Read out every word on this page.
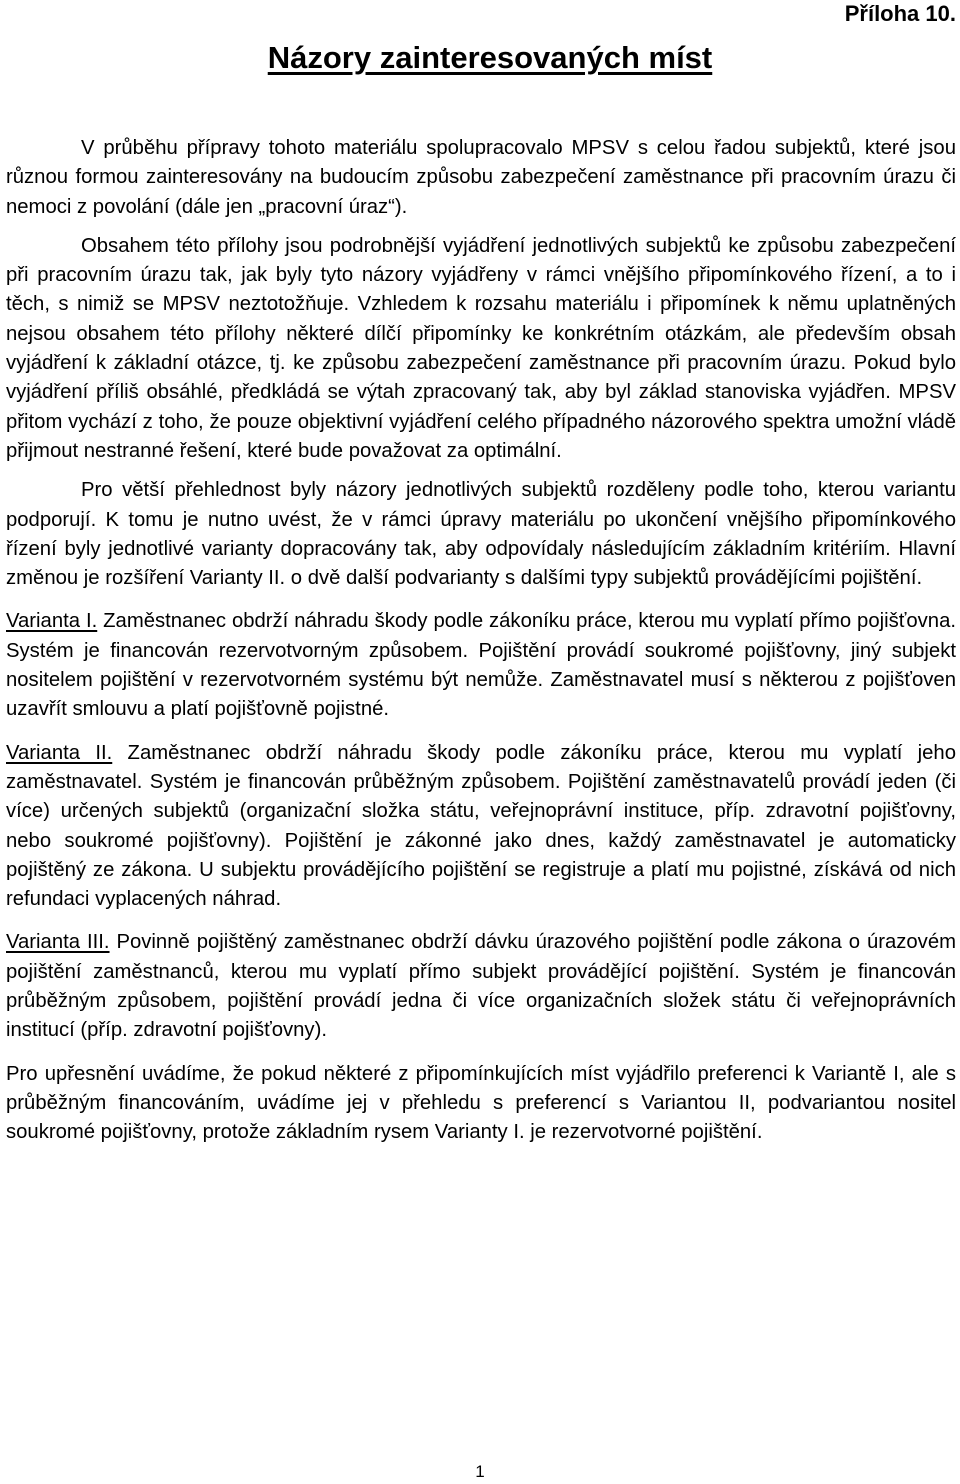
Příloha 10.
Názory zainteresovaných míst

V průběhu přípravy tohoto materiálu spolupracovalo MPSV s celou řadou subjektů, které jsou různou formou zainteresovány na budoucím způsobu zabezpečení zaměstnance při pracovním úrazu či nemoci z povolání (dále jen „pracovní úraz“).

Obsahem této přílohy jsou podrobnější vyjádření jednotlivých subjektů ke způsobu zabezpečení při pracovním úrazu tak, jak byly tyto názory vyjádřeny v rámci vnějšího připomínkového řízení, a to i těch, s nimiž se MPSV neztotožňuje. Vzhledem k rozsahu materiálu i připomínek k němu uplatněných nejsou obsahem této přílohy některé dílčí připomínky ke konkrétním otázkám, ale především obsah vyjádření k základní otázce, tj. ke způsobu zabezpečení zaměstnance při pracovním úrazu. Pokud bylo vyjádření příliš obsáhlé, předkládá se výtah zpracovaný tak, aby byl základ stanoviska vyjádřen. MPSV přitom vychází z toho, že pouze objektivní vyjádření celého případného názorového spektra umožní vládě přijmout nestranné řešení, které bude považovat za optimální.

Pro větší přehlednost byly názory jednotlivých subjektů rozděleny podle toho, kterou variantu podporují. K tomu je nutno uvést, že v rámci úpravy materiálu po ukončení vnějšího připomínkového řízení byly jednotlivé varianty dopracovány tak, aby odpovídaly následujícím základním kritériím. Hlavní změnou je rozšíření Varianty II. o dvě další podvarianty s dalšími typy subjektů provádějícími pojištění.

Varianta I. Zaměstnanec obdrží náhradu škody podle zákoníku práce, kterou mu vyplatí přímo pojišťovna. Systém je financován rezervotvorným způsobem. Pojištění provádí soukromé pojišťovny, jiný subjekt nositelem pojištění v rezervotvorném systému být nemůže. Zaměstnavatel musí s některou z pojišťoven uzavřít smlouvu a platí pojišťovně pojistné.

Varianta II. Zaměstnanec obdrží náhradu škody podle zákoníku práce, kterou mu vyplatí jeho zaměstnavatel. Systém je financován průběžným způsobem. Pojištění zaměstnavatelů provádí jeden (či více) určených subjektů (organizační složka státu, veřejnoprávní instituce, příp. zdravotní pojišťovny, nebo soukromé pojišťovny). Pojištění je zákonné jako dnes, každý zaměstnavatel je automaticky pojištěný ze zákona. U subjektu provádějícího pojištění se registruje a platí mu pojistné, získává od nich refundaci vyplacených náhrad.

Varianta III. Povinně pojištěný zaměstnanec obdrží dávku úrazového pojištění podle zákona o úrazovém pojištění zaměstnanců, kterou mu vyplatí přímo subjekt provádějící pojištění. Systém je financován průběžným způsobem, pojištění provádí jedna či více organizačních složek státu či veřejnoprávních institucí (příp. zdravotní pojišťovny).

Pro upřesnění uvádíme, že pokud některé z připomínkujících míst vyjádřilo preferenci k Variantě I, ale s průběžným financováním, uvádíme jej v přehledu s preferencí s Variantou II, podvariantou nositel soukromé pojišťovny, protože základním rysem Varianty I. je rezervotvorné pojištění.

1
